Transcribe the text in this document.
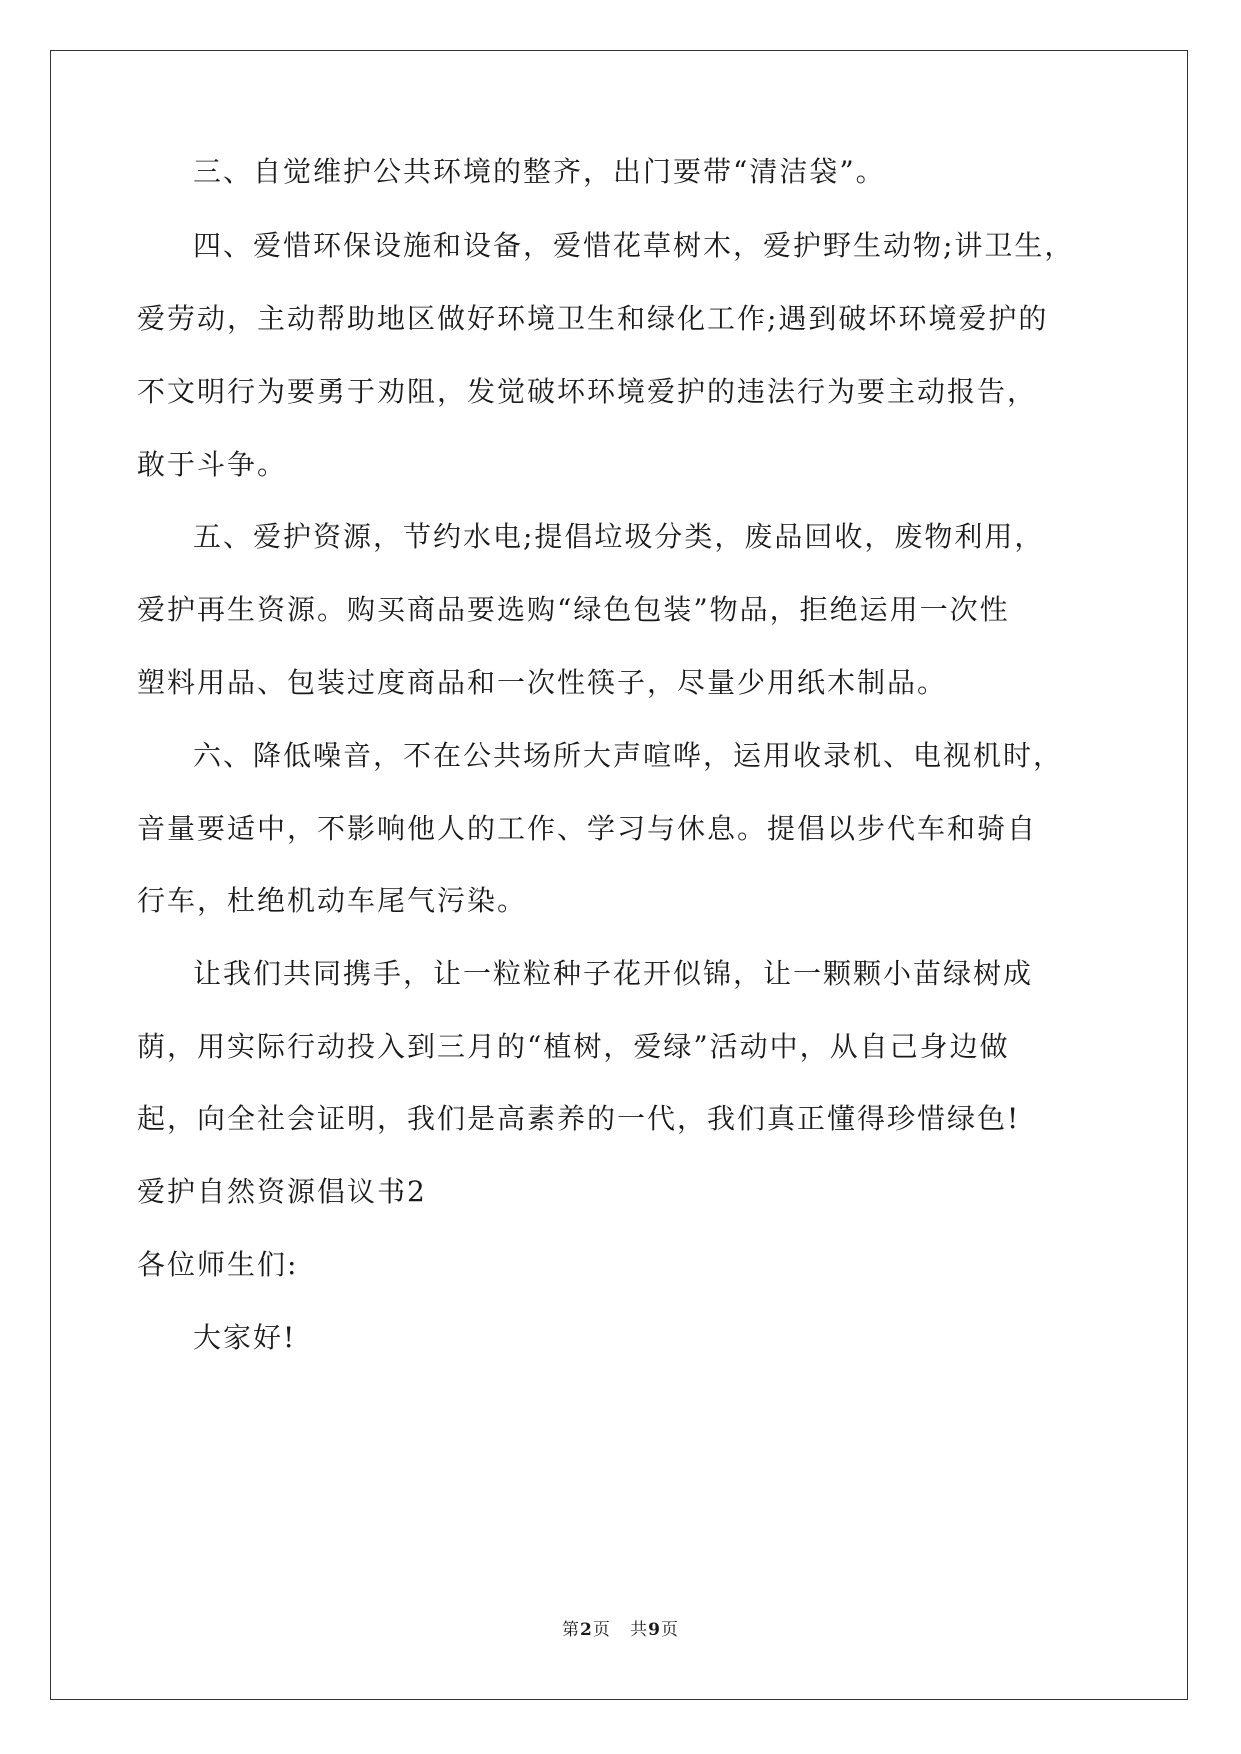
三、自觉维护公共环境的整齐，出门要带“清洁袋”。
四、爱惜环保设施和设备，爱惜花草树木，爱护野生动物;讲卫生，
爱劳动，主动帮助地区做好环境卫生和绿化工作;遇到破坏环境爱护的
不文明行为要勇于劝阻，发觉破坏环境爱护的违法行为要主动报告，
敢于斗争。
五、爱护资源，节约水电;提倡垃圾分类，废品回收，废物利用，
爱护再生资源。购买商品要选购“绿色包装”物品，拒绝运用一次性
塑料用品、包装过度商品和一次性筷子，尽量少用纸木制品。
六、降低噪音，不在公共场所大声喧哗，运用收录机、电视机时，
音量要适中，不影响他人的工作、学习与休息。提倡以步代车和骑自
行车，杜绝机动车尾气污染。
让我们共同携手，让一粒粒种子花开似锦，让一颗颗小苗绿树成
荫，用实际行动投入到三月的“植树，爱绿”活动中，从自己身边做
起，向全社会证明，我们是高素养的一代，我们真正懂得珍惜绿色!
爱护自然资源倡议书2
各位师生们:
大家好!
第2页   共9页
